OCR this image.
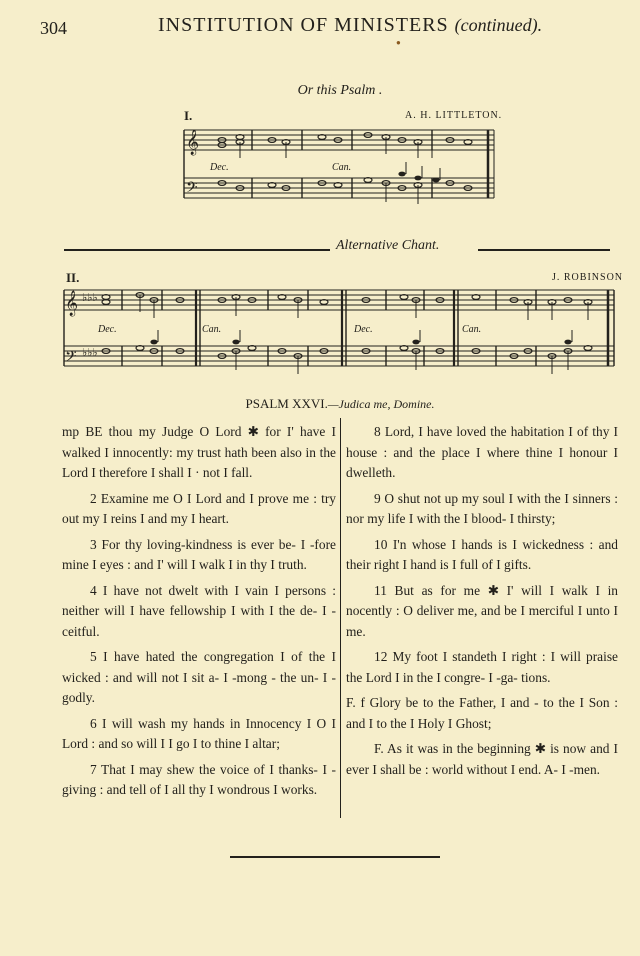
304	INSTITUTION OF MINISTERS (continued).
●
Or this Psalm .
I.	A. H. LITTLETON.
𝄞
𝄢
Dec.	Can.
Alternative Chant.
II.	J. ROBINSON
𝄞
𝄢
♭♭♭
♭♭♭
Dec.	Can.	Dec.	Can.
PSALM XXVI.—Judica me, Domine.

mp BE thou my Judge O Lord ✱ for I' have I walked I innocently: my trust hath been also in the Lord I therefore I shall I · not I fall.

2 Examine me O I Lord and I prove me : try out my I reins I and my I heart.

3 For thy loving-kindness is ever be- I -fore mine I eyes : and I' will I walk I in thy I truth.

4 I have not dwelt with I vain I persons : neither will I have fellowship I with I the de- I -ceitful.

5 I have hated the congregation I of the I wicked : and will not I sit a- I -mong - the un- I -godly.

6 I will wash my hands in Innocency I O I Lord : and so will I I go I to thine I altar;

7 That I may shew the voice of I thanks- I -giving : and tell of I all thy I wondrous I works.

8 Lord, I have loved the habitation I of thy I house : and the place I where thine I honour I dwelleth.

9 O shut not up my soul I with the I sinners : nor my life I with the I blood- I thirsty;

10 I'n whose I hands is I wickedness : and their right I hand is I full of I gifts.

11 But as for me ✱ I' will I walk I in nocently : O deliver me, and be I merciful I unto I me.

12 My foot I standeth I right : I will praise the Lord I in the I congre- I -ga- tions.

F. f Glory be to the Father, I and - to the I Son : and I to the I Holy I Ghost;

F. As it was in the beginning ✱ is now and I ever I shall be : world without I end. A- I -men.
